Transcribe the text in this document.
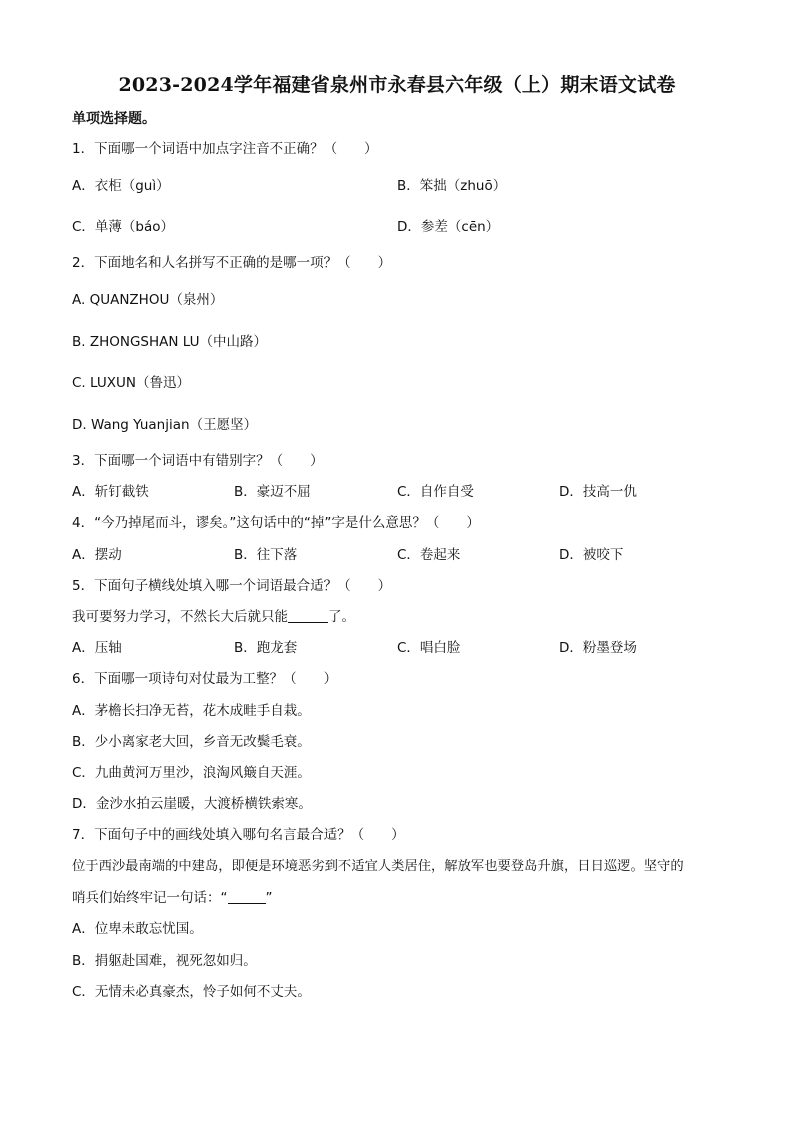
2023-2024学年福建省泉州市永春县六年级（上）期末语文试卷
单项选择题。
1．下面哪一个词语中加点字注音不正确？（　　）
A．衣柜（guì）	B．笨拙（zhuō）
C．单薄（báo）	D．参差（cēn）
2．下面地名和人名拼写不正确的是哪一项？（　　）
A. QUANZHOU（泉州）
B. ZHONGSHAN LU（中山路）
C. LUXUN（鲁迅）
D. Wang Yuanjian（王愿坚）
3．下面哪一个词语中有错别字？（　　）
A．斩钉截铁	B．豪迈不屈	C．自作自受	D．技高一仇
4．“今乃掉尾而斗，谬矣。”这句话中的“掉”字是什么意思？（　　）
A．摆动	B．往下落	C．卷起来	D．被咬下
5．下面句子横线处填入哪一个词语最合适？（　　）
我可要努力学习，不然长大后就只能	了。
A．压轴	B．跑龙套	C．唱白脸	D．粉墨登场
6．下面哪一项诗句对仗最为工整？（　　）
A．茅檐长扫净无苔，花木成畦手自栽。
B．少小离家老大回，乡音无改鬓毛衰。
C．九曲黄河万里沙，浪淘风簸自天涯。
D．金沙水拍云崖暖，大渡桥横铁索寒。
7．下面句子中的画线处填入哪句名言最合适？（　　）
位于西沙最南端的中建岛，即便是环境恶劣到不适宜人类居住，解放军也要登岛升旗，日日巡逻。坚守的
哨兵们始终牢记一句话：“	”
A．位卑未敢忘忧国。
B．捐躯赴国难，视死忽如归。
C．无情未必真豪杰，怜子如何不丈夫。
